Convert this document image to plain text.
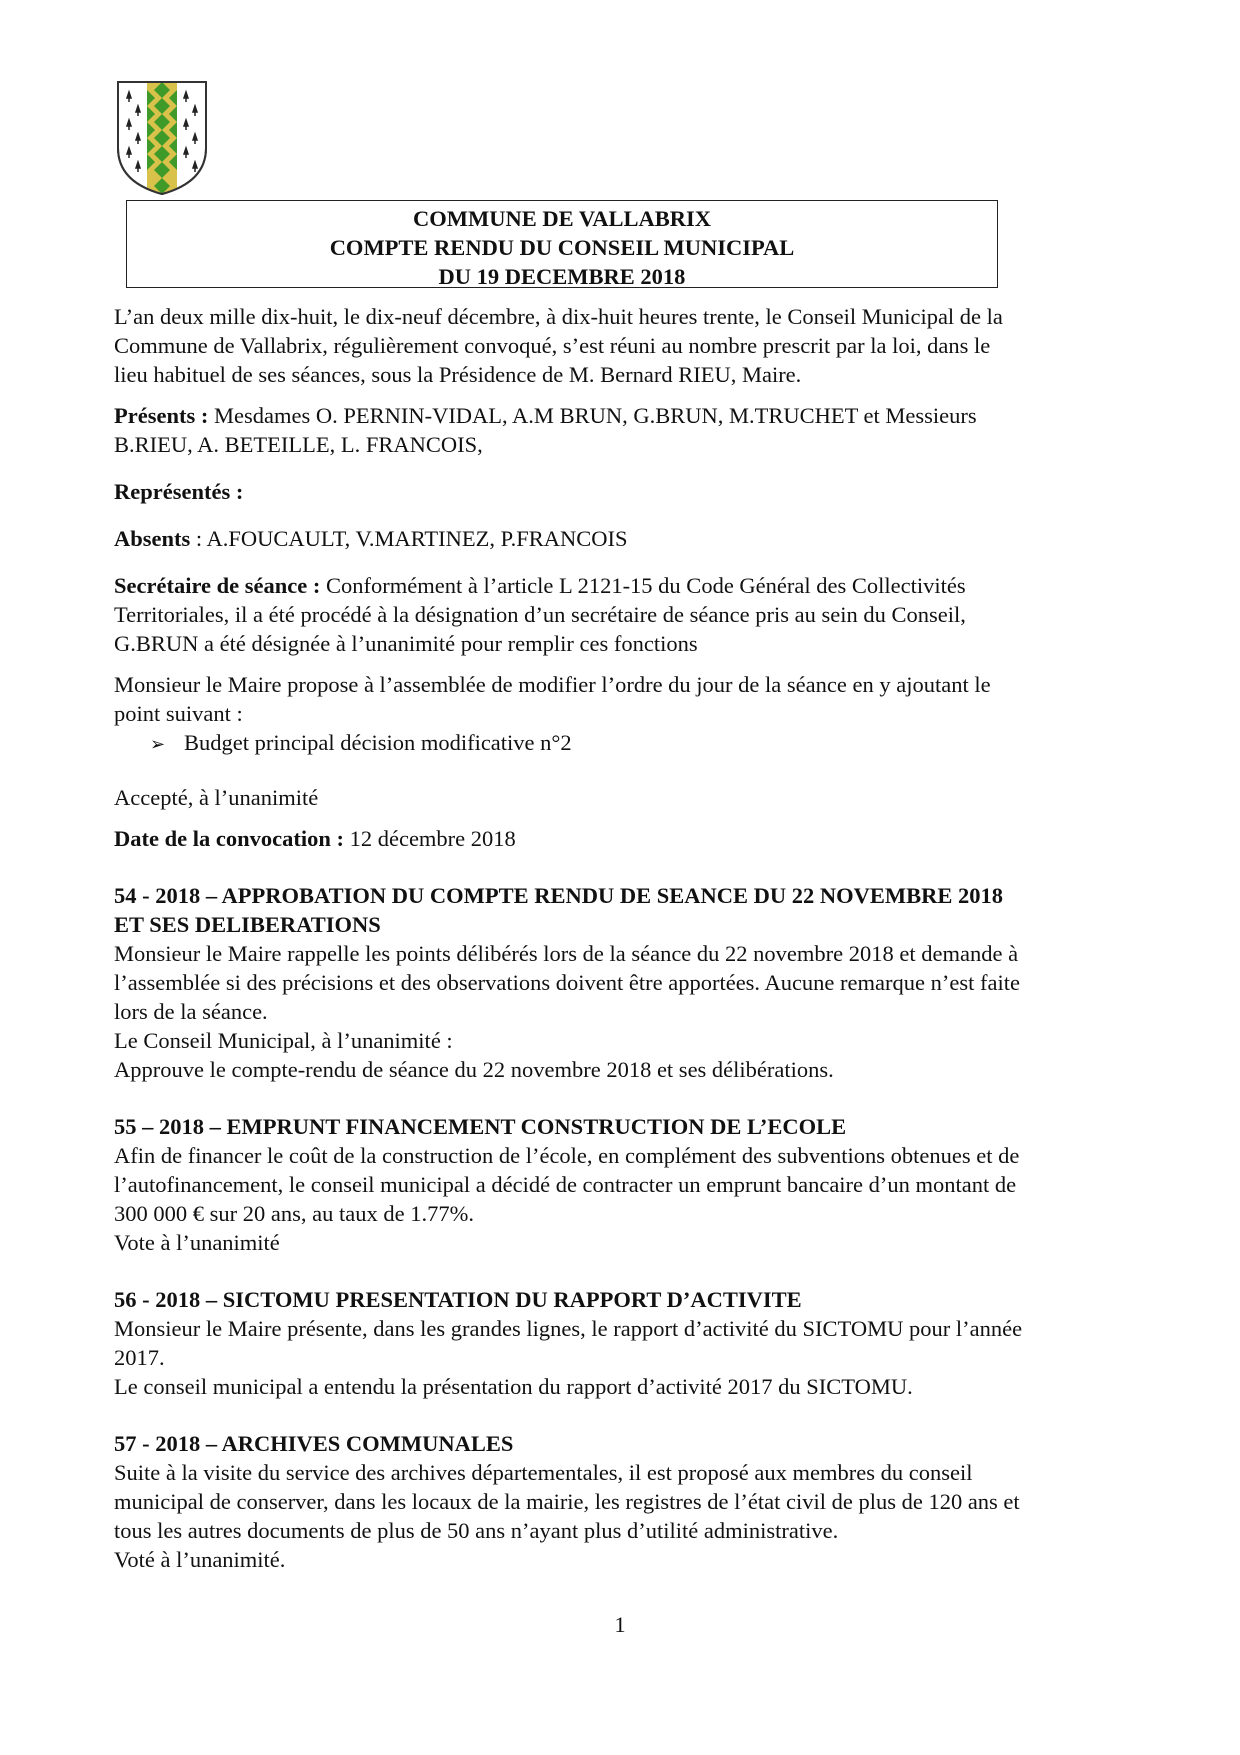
COMMUNE DE VALLABRIX
COMPTE RENDU DU CONSEIL MUNICIPAL
DU 19 DECEMBRE 2018

L’an deux mille dix-huit, le dix-neuf décembre, à dix-huit heures trente, le Conseil Municipal de la
Commune de Vallabrix, régulièrement convoqué, s’est réuni au nombre prescrit par la loi, dans le
lieu habituel de ses séances, sous la Présidence de M. Bernard RIEU, Maire.

Présents : Mesdames O. PERNIN-VIDAL, A.M BRUN, G.BRUN, M.TRUCHET et Messieurs
B.RIEU, A. BETEILLE, L. FRANCOIS,

Représentés :

Absents : A.FOUCAULT, V.MARTINEZ, P.FRANCOIS

Secrétaire de séance : Conformément à l’article L 2121-15 du Code Général des Collectivités
Territoriales, il a été procédé à la désignation d’un secrétaire de séance pris au sein du Conseil,
G.BRUN a été désignée à l’unanimité pour remplir ces fonctions

Monsieur le Maire propose à l’assemblée de modifier l’ordre du jour de la séance en y ajoutant le
point suivant :

➢ Budget principal décision modificative n°2

Accepté, à l’unanimité

Date de la convocation : 12 décembre 2018

54 - 2018 – APPROBATION DU COMPTE RENDU DE SEANCE DU 22 NOVEMBRE 2018
ET SES DELIBERATIONS

Monsieur le Maire rappelle les points délibérés lors de la séance du 22 novembre 2018 et demande à
l’assemblée si des précisions et des observations doivent être apportées. Aucune remarque n’est faite
lors de la séance.
Le Conseil Municipal, à l’unanimité :
Approuve le compte-rendu de séance du 22 novembre 2018 et ses délibérations.

55 – 2018 – EMPRUNT FINANCEMENT CONSTRUCTION DE L’ECOLE

Afin de financer le coût de la construction de l’école, en complément des subventions obtenues et de
l’autofinancement, le conseil municipal a décidé de contracter un emprunt bancaire d’un montant de
300 000 € sur 20 ans, au taux de 1.77%.
Vote à l’unanimité

56 - 2018 – SICTOMU PRESENTATION DU RAPPORT D’ACTIVITE

Monsieur le Maire présente, dans les grandes lignes, le rapport d’activité du SICTOMU pour l’année
2017.
Le conseil municipal a entendu la présentation du rapport d’activité 2017 du SICTOMU.

57 - 2018 – ARCHIVES COMMUNALES

Suite à la visite du service des archives départementales, il est proposé aux membres du conseil
municipal de conserver, dans les locaux de la mairie, les registres de l’état civil de plus de 120 ans et
tous les autres documents de plus de 50 ans n’ayant plus d’utilité administrative.
Voté à l’unanimité.

1
